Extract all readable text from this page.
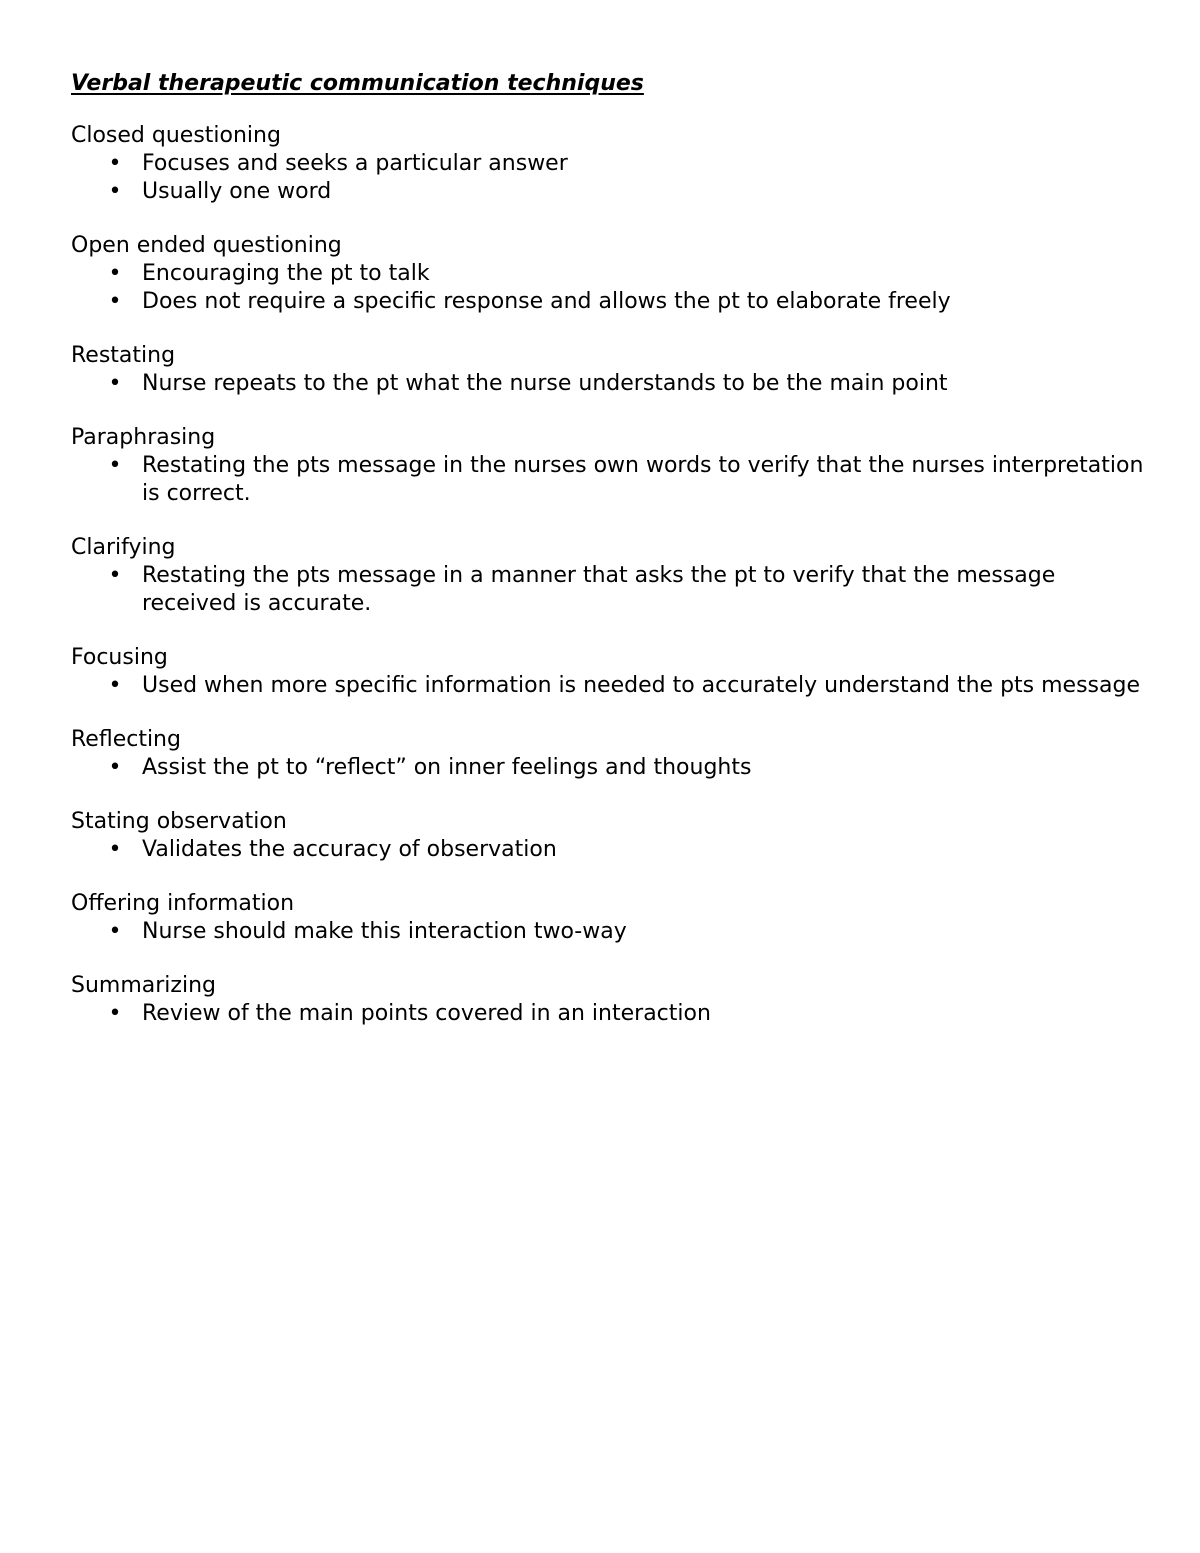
Verbal therapeutic communication techniques
Closed questioning
• Focuses and seeks a particular answer
• Usually one word
Open ended questioning
• Encouraging the pt to talk
• Does not require a specific response and allows the pt to elaborate freely
Restating
• Nurse repeats to the pt what the nurse understands to be the main point
Paraphrasing
• Restating the pts message in the nurses own words to verify that the nurses interpretation is correct.
Clarifying
• Restating the pts message in a manner that asks the pt to verify that the message received is accurate.
Focusing
• Used when more specific information is needed to accurately understand the pts message
Reflecting
• Assist the pt to “reflect” on inner feelings and thoughts
Stating observation
• Validates the accuracy of observation
Offering information
• Nurse should make this interaction two-way
Summarizing
• Review of the main points covered in an interaction
